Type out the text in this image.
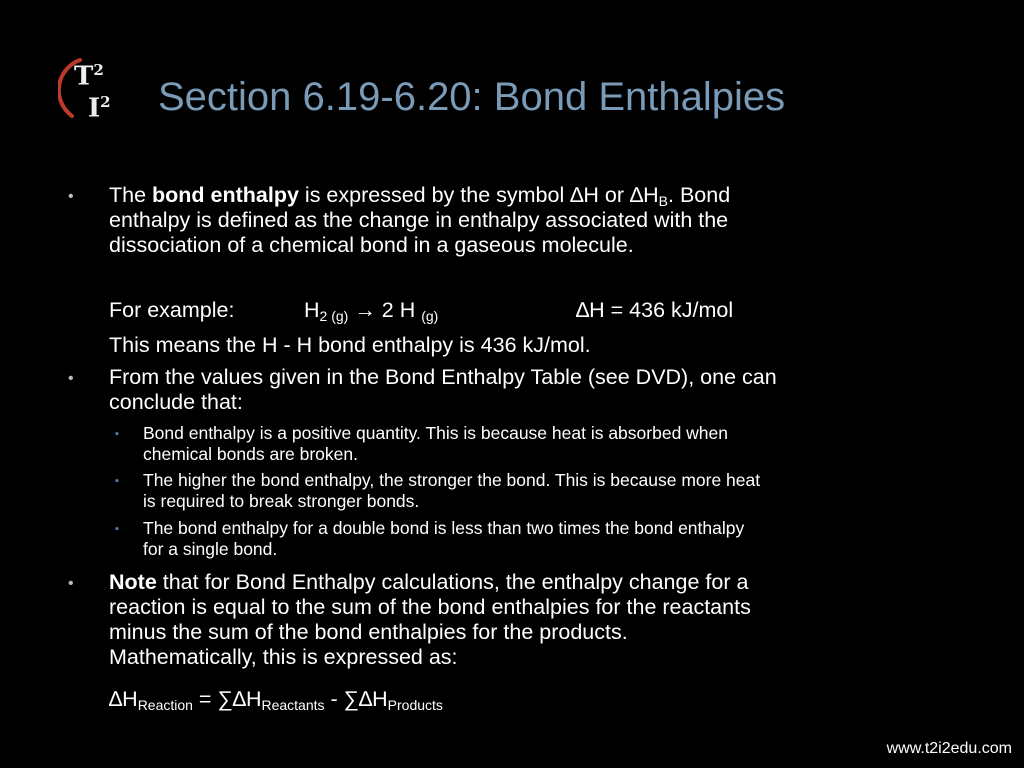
$T^2$
$I^2$ Section 6.19-6.20: Bond Enthalpies
• The bond enthalpy is expressed by the symbol ∆H or $\Delta H_B$. Bond
enthalpy is defined as the change in enthalpy associated with the
dissociation of a chemical bond in a gaseous molecule.
For example:	$H_{2 (g)} \to 2$ H $_{(g)}$	∆H = 436 kJ/mol
This means the H - H bond enthalpy is 436 kJ/mol.
• From the values given in the Bond Enthalpy Table (see DVD), one can
conclude that:
▪ Bond enthalpy is a positive quantity. This is because heat is absorbed when
chemical bonds are broken.
▪ The higher the bond enthalpy, the stronger the bond. This is because more heat
is required to break stronger bonds.
▪ The bond enthalpy for a double bond is less than two times the bond enthalpy
for a single bond.
• Note that for Bond Enthalpy calculations, the enthalpy change for a
reaction is equal to the sum of the bond enthalpies for the reactants
minus the sum of the bond enthalpies for the products.
Mathematically, this is expressed as:
$\Delta H_{Reaction} = \sum\Delta H_{Reactants} - \sum\Delta H_{Products}$
www.t2i2edu.com
